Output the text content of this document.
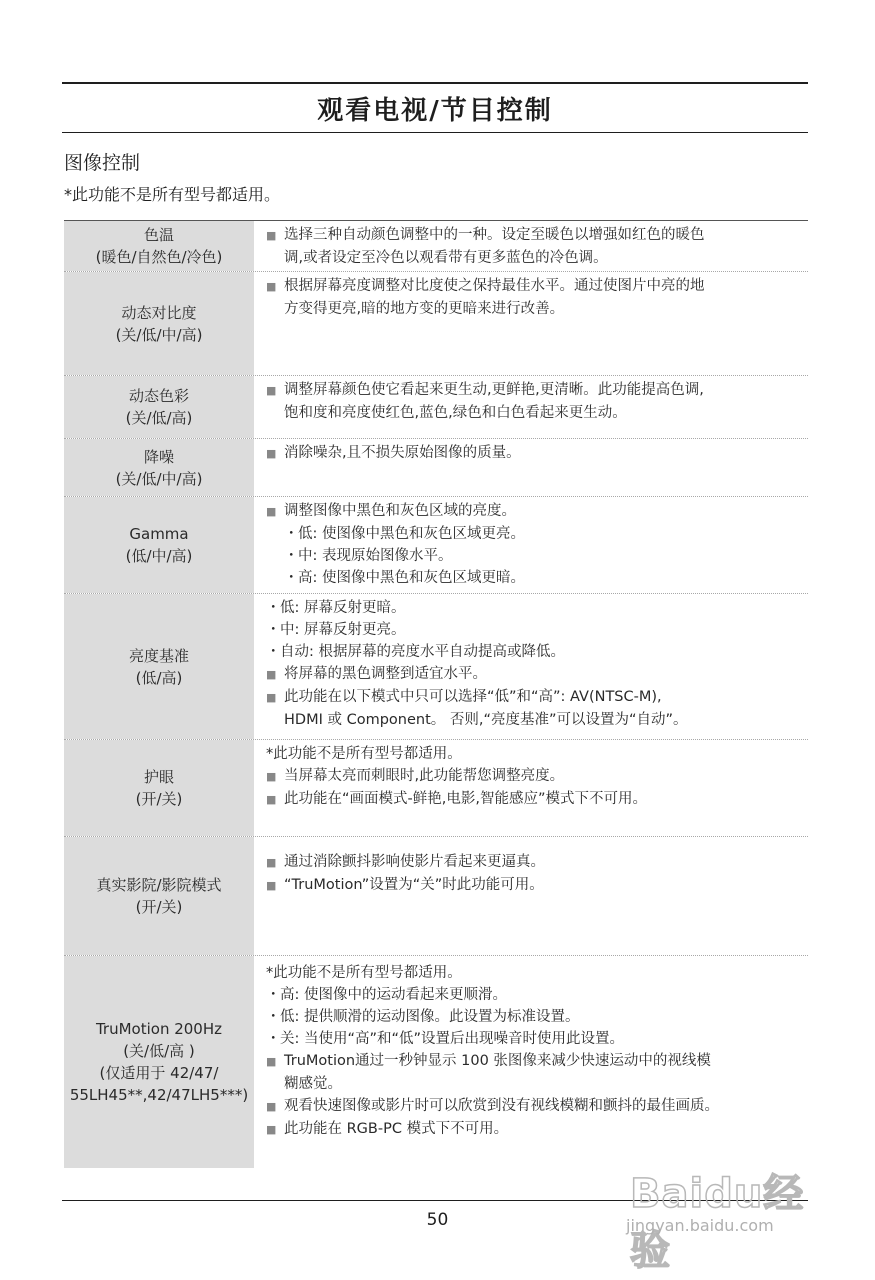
观看电视/节目控制
图像控制
*此功能不是所有型号都适用。
色温
(暖色/自然色/冷色)
■ 选择三种自动颜色调整中的一种。设定至暖色以增强如红色的暖色
调,或者设定至冷色以观看带有更多蓝色的冷色调。
动态对比度
(关/低/中/高)
■ 根据屏幕亮度调整对比度使之保持最佳水平。通过使图片中亮的地
方变得更亮,暗的地方变的更暗来进行改善。
动态色彩
(关/低/高)
■ 调整屏幕颜色使它看起来更生动,更鲜艳,更清晰。此功能提高色调,
饱和度和亮度使红色,蓝色,绿色和白色看起来更生动。
降噪
(关/低/中/高)
■ 消除噪杂,且不损失原始图像的质量。
Gamma
(低/中/高)
■ 调整图像中黑色和灰色区域的亮度。
・ 低: 使图像中黑色和灰色区域更亮。
・ 中: 表现原始图像水平。
・ 高: 使图像中黑色和灰色区域更暗。
亮度基准
(低/高)
・ 低: 屏幕反射更暗。
・ 中: 屏幕反射更亮。
・ 自动: 根据屏幕的亮度水平自动提高或降低。
■ 将屏幕的黑色调整到适宜水平。
■ 此功能在以下模式中只可以选择“低”和“高”: AV(NTSC-M),
HDMI 或 Component。 否则,“亮度基准”可以设置为“自动”。
护眼
(开/关)
*此功能不是所有型号都适用。
■ 当屏幕太亮而刺眼时,此功能帮您调整亮度。
■ 此功能在“画面模式-鲜艳,电影,智能感应”模式下不可用。
真实影院/影院模式
(开/关)
■ 通过消除颤抖影响使影片看起来更逼真。
■ “TruMotion”设置为“关”时此功能可用。
TruMotion 200Hz
(关/低/高 )
(仅适用于 42/47/
55LH45**,42/47LH5***)
*此功能不是所有型号都适用。
・ 高: 使图像中的运动看起来更顺滑。
・ 低: 提供顺滑的运动图像。此设置为标准设置。
・ 关: 当使用“高”和“低”设置后出现噪音时使用此设置。
■ TruMotion通过一秒钟显示 100 张图像来减少快速运动中的视线模
糊感觉。
■ 观看快速图像或影片时可以欣赏到没有视线模糊和颤抖的最佳画质。
■ 此功能在 RGB-PC 模式下不可用。
50
Baidu经验
jingyan.baidu.com
